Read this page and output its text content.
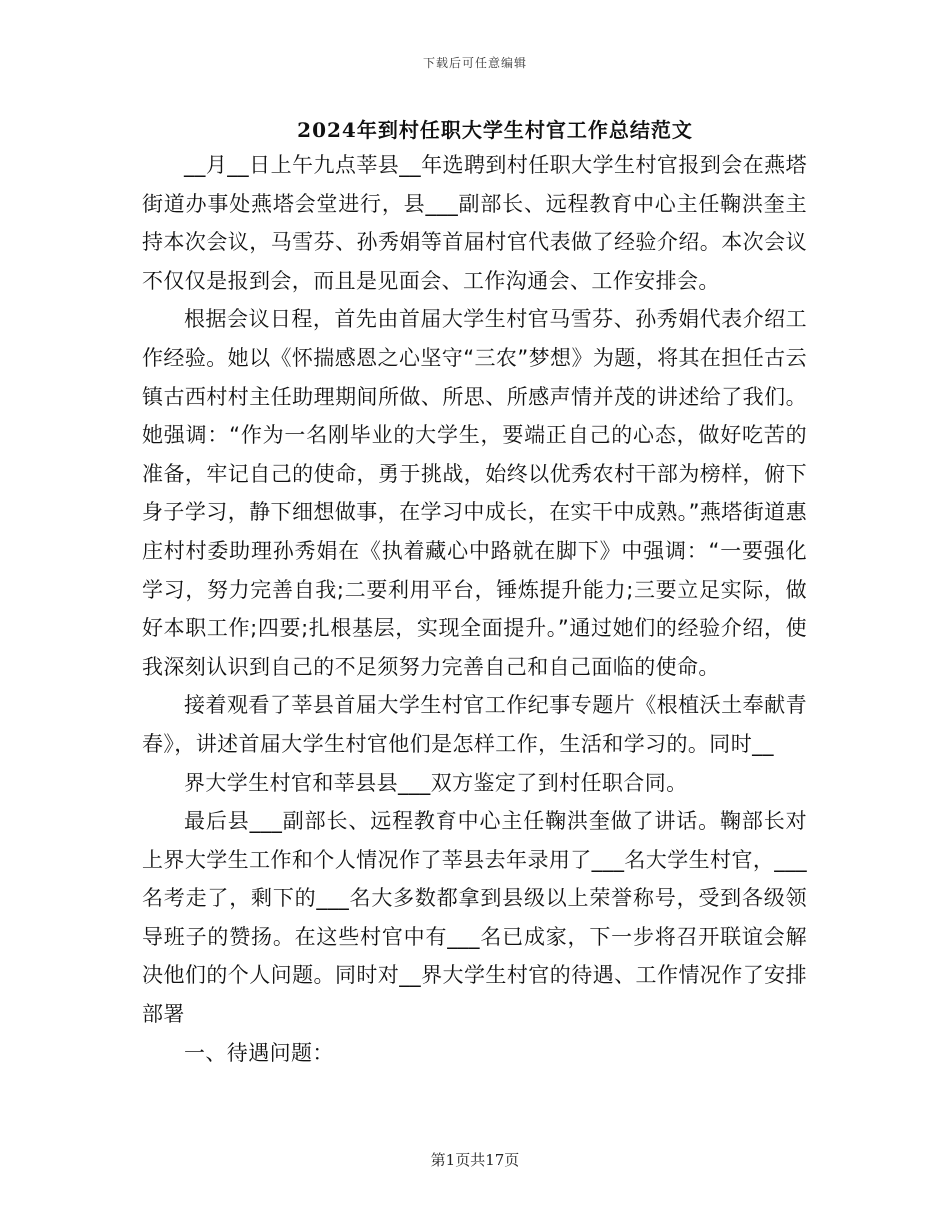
下载后可任意编辑
2024年到村任职大学生村官工作总结范文

__月__日上午九点莘县__年选聘到村任职大学生村官报到会在燕塔街道办事处燕塔会堂进行，县___副部长、远程教育中心主任鞠洪奎主持本次会议，马雪芬、孙秀娟等首届村官代表做了经验介绍。本次会议不仅仅是报到会，而且是见面会、工作沟通会、工作安排会。

根据会议日程，首先由首届大学生村官马雪芬、孙秀娟代表介绍工作经验。她以《怀揣感恩之心坚守“三农”梦想》为题，将其在担任古云镇古西村村主任助理期间所做、所思、所感声情并茂的讲述给了我们。她强调：“作为一名刚毕业的大学生，要端正自己的心态，做好吃苦的准备，牢记自己的使命，勇于挑战，始终以优秀农村干部为榜样，俯下身子学习，静下细想做事，在学习中成长，在实干中成熟。”燕塔街道惠庄村村委助理孙秀娟在《执着藏心中路就在脚下》中强调：“一要强化学习，努力完善自我;二要利用平台，锤炼提升能力;三要立足实际，做好本职工作;四要;扎根基层，实现全面提升。”通过她们的经验介绍，使我深刻认识到自己的不足须努力完善自己和自己面临的使命。

接着观看了莘县首届大学生村官工作纪事专题片《根植沃土奉献青春》，讲述首届大学生村官他们是怎样工作，生活和学习的。同时__

界大学生村官和莘县县___双方鉴定了到村任职合同。

最后县___副部长、远程教育中心主任鞠洪奎做了讲话。鞠部长对上界大学生工作和个人情况作了莘县去年录用了___名大学生村官，___名考走了，剩下的___名大多数都拿到县级以上荣誉称号，受到各级领导班子的赞扬。在这些村官中有___名已成家，下一步将召开联谊会解决他们的个人问题。同时对__界大学生村官的待遇、工作情况作了安排部署

一、待遇问题：

第1页共17页
